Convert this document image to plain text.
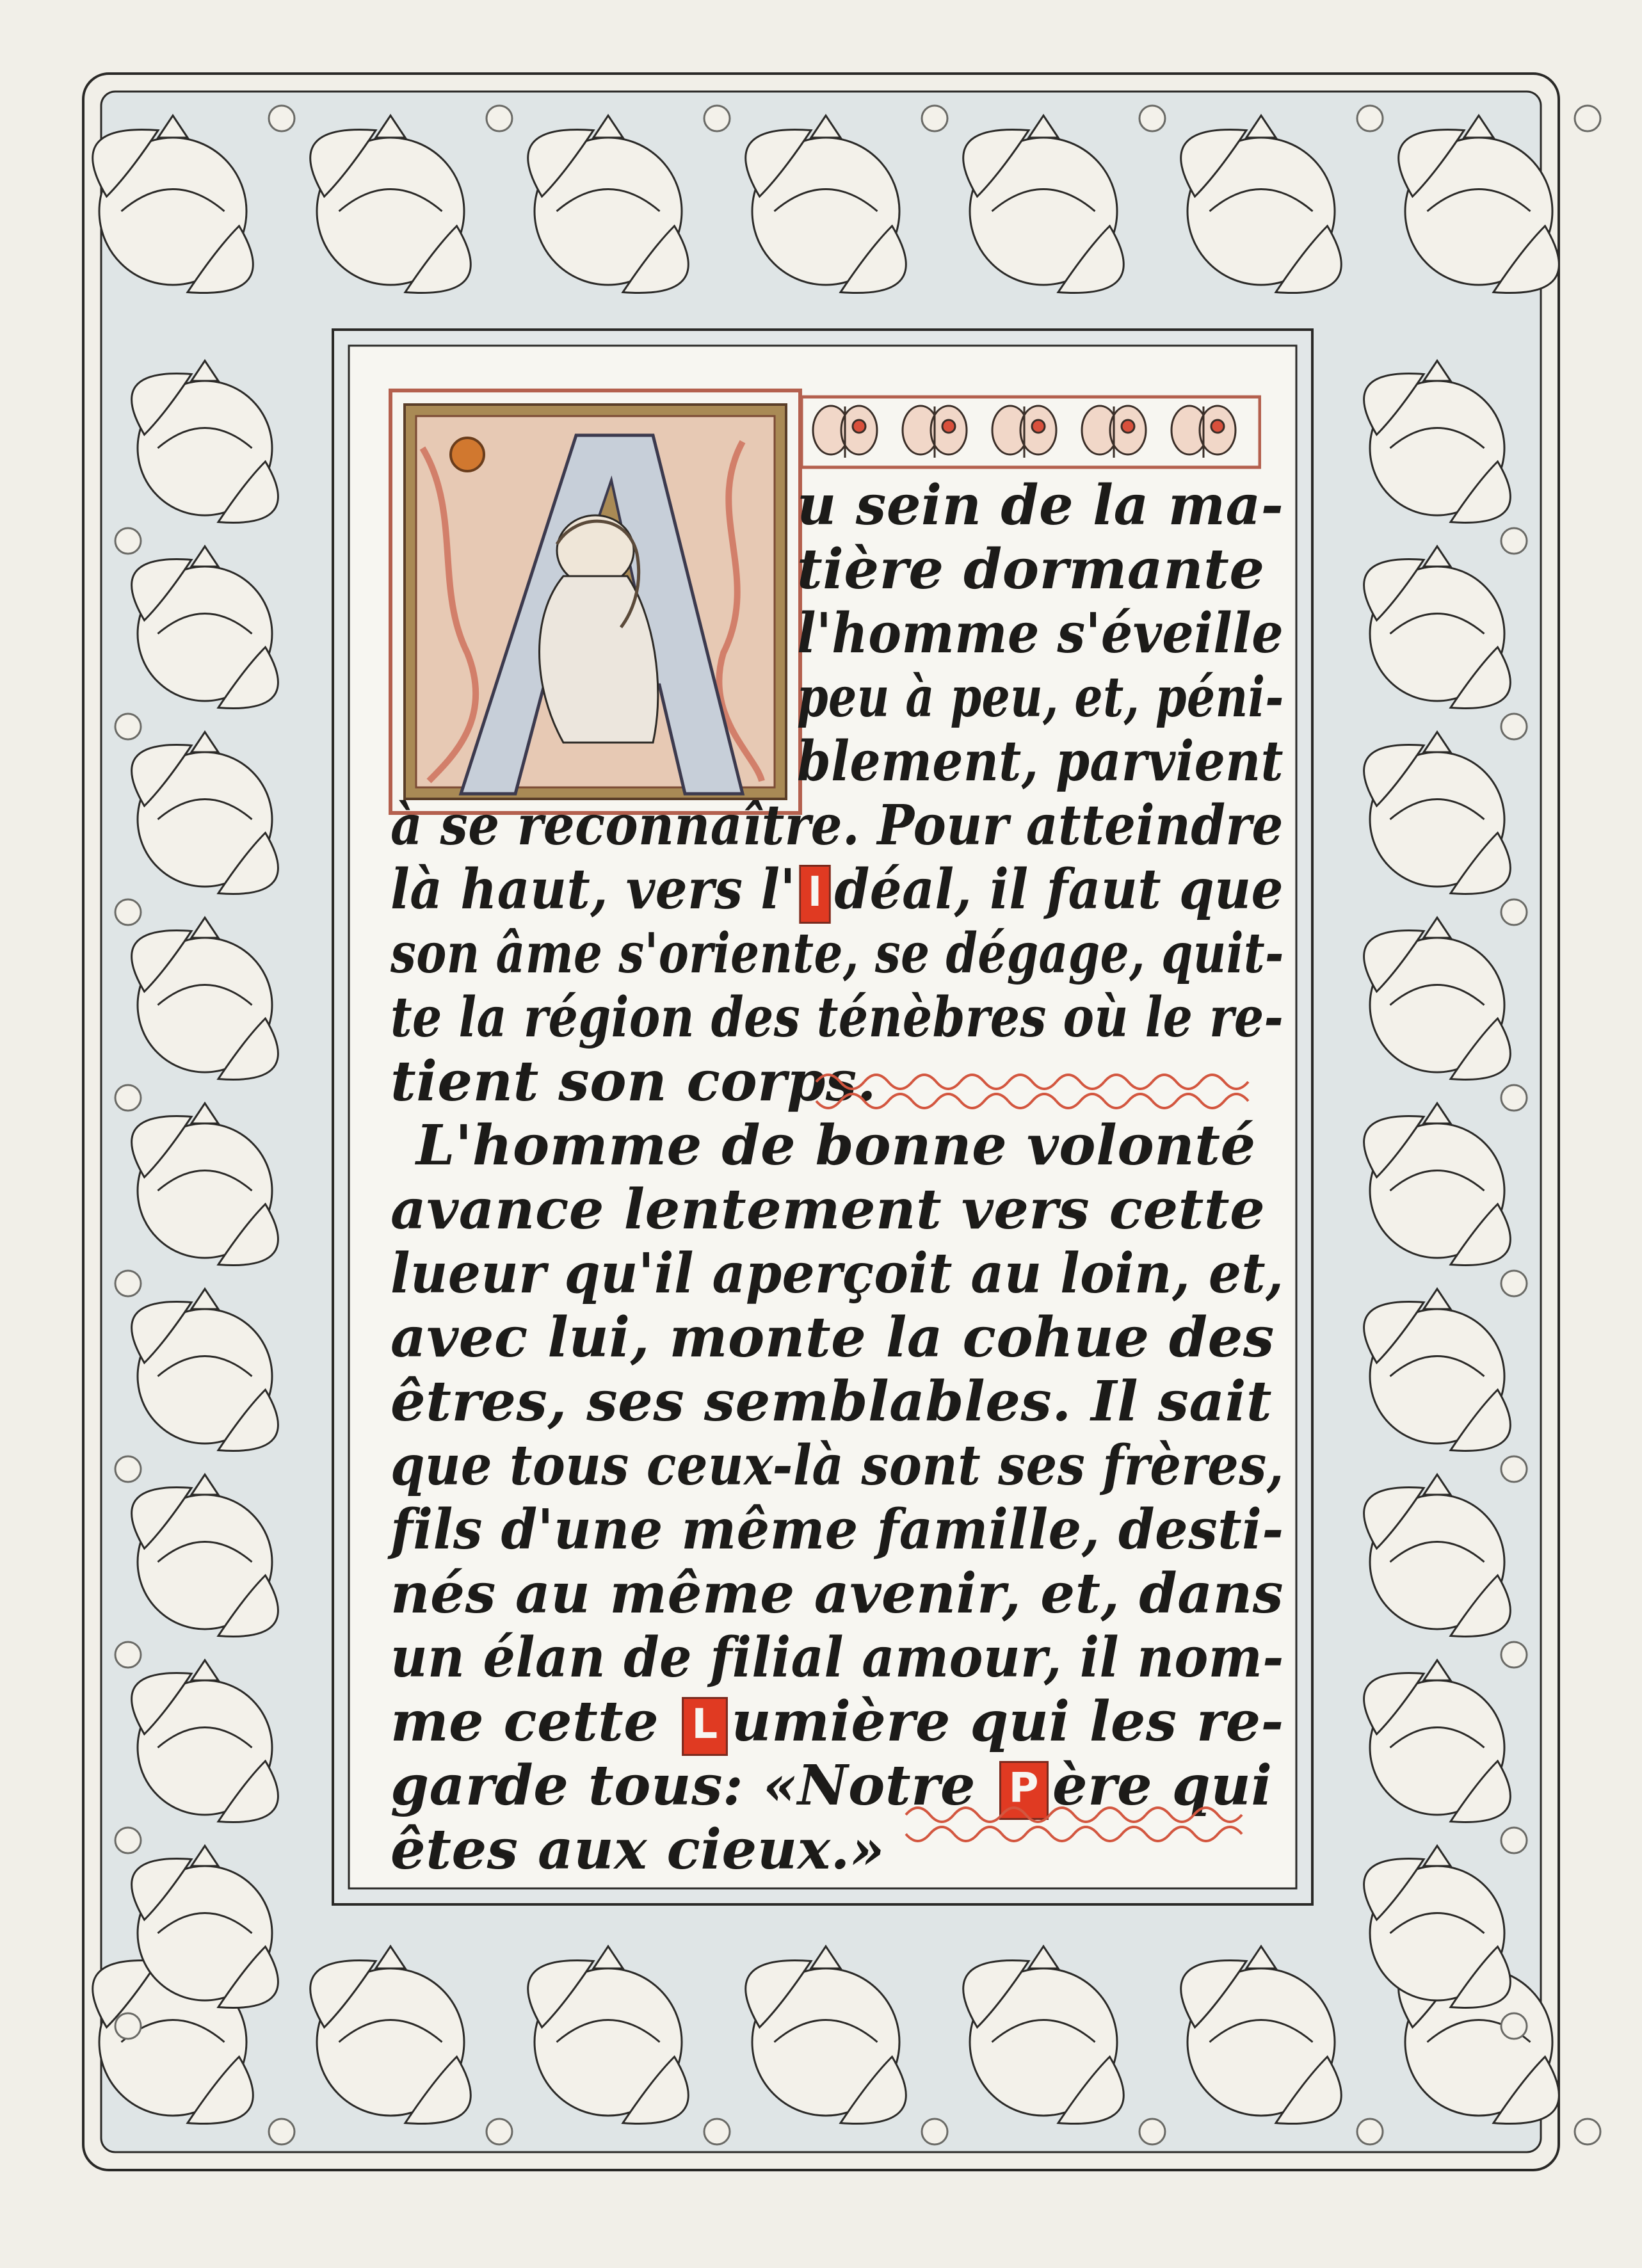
u sein de la ma-
tière dormante
l'homme s'éveille
peu à peu, et, péni-
blement, parvient
à se reconnaître. Pour atteindre
là haut, vers l' I déal, il faut que
son âme s'oriente, se dégage, quit-
te la région des ténèbres où le re-
tient son corps.
L'homme de bonne volonté
avance lentement vers cette
lueur qu'il aperçoit au loin, et,
avec lui, monte la cohue des
êtres, ses semblables. Il sait
que tous ceux-là sont ses frères,
fils d'une même famille, desti-
nés au même avenir, et, dans
un élan de filial amour, il nom-
me cette L umière qui les re-
garde tous: «Notre P ère qui
êtes aux cieux.»
